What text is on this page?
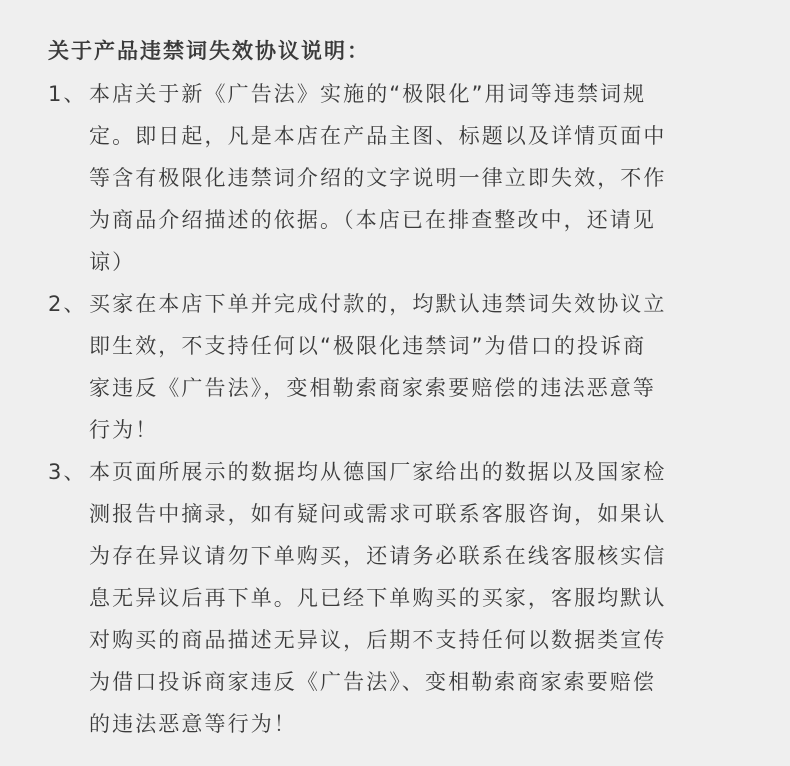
关于产品违禁词失效协议说明：
1、 本店关于新《广告法》实施的“极限化”用词等违禁词规
定。即日起，凡是本店在产品主图、标题以及详情页面中
等含有极限化违禁词介绍的文字说明一律立即失效，不作
为商品介绍描述的依据。（本店已在排查整改中，还请见
谅）
2、 买家在本店下单并完成付款的，均默认违禁词失效协议立
即生效，不支持任何以“极限化违禁词”为借口的投诉商
家违反《广告法》，变相勒索商家索要赔偿的违法恶意等
行为！
3、 本页面所展示的数据均从德国厂家给出的数据以及国家检
测报告中摘录，如有疑问或需求可联系客服咨询，如果认
为存在异议请勿下单购买，还请务必联系在线客服核实信
息无异议后再下单。凡已经下单购买的买家，客服均默认
对购买的商品描述无异议，后期不支持任何以数据类宣传
为借口投诉商家违反《广告法》、变相勒索商家索要赔偿
的违法恶意等行为！
